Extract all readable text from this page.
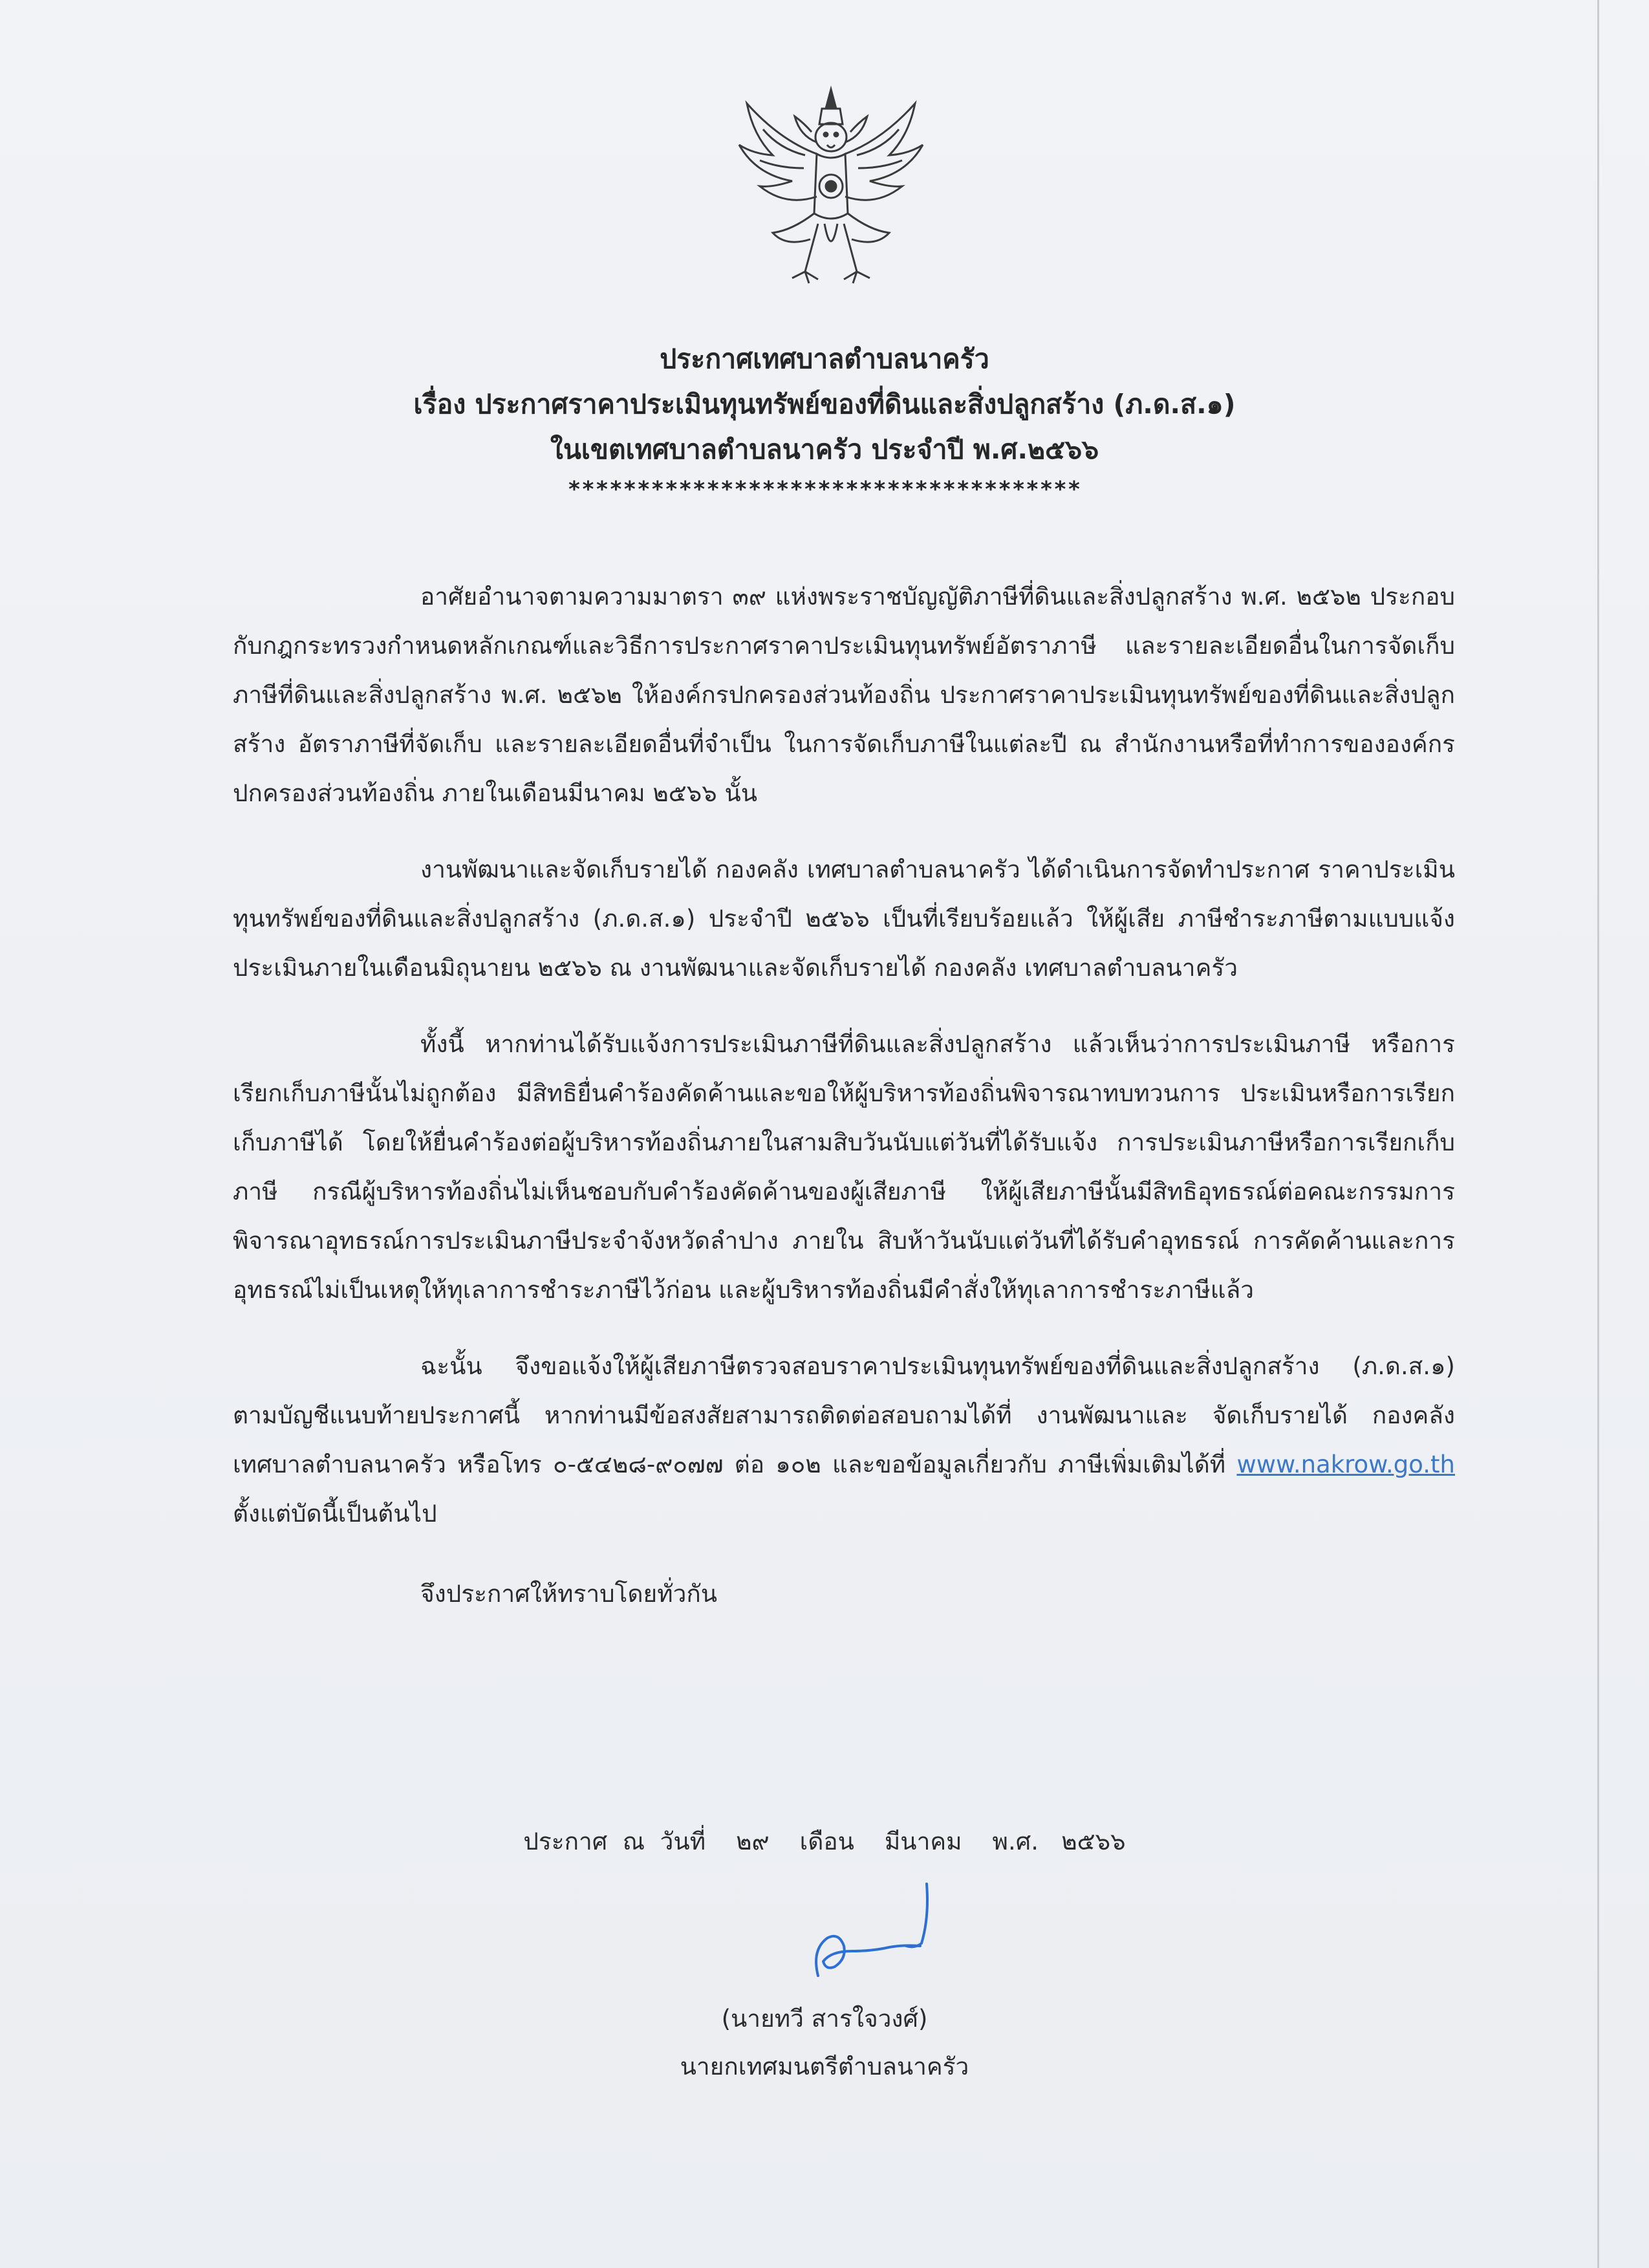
ประกาศเทศบาลตำบลนาครัว
เรื่อง ประกาศราคาประเมินทุนทรัพย์ของที่ดินและสิ่งปลูกสร้าง (ภ.ด.ส.๑)
ในเขตเทศบาลตำบลนาครัว ประจำปี พ.ศ.๒๕๖๖
*************************************

อาศัยอำนาจตามความมาตรา ๓๙ แห่งพระราชบัญญัติภาษีที่ดินและสิ่งปลูกสร้าง พ.ศ. ๒๕๖๒ ประกอบกับกฎกระทรวงกำหนดหลักเกณฑ์และวิธีการประกาศราคาประเมินทุนทรัพย์อัตราภาษี และรายละเอียดอื่นในการจัดเก็บภาษีที่ดินและสิ่งปลูกสร้าง พ.ศ. ๒๕๖๒ ให้องค์กรปกครองส่วนท้องถิ่น ประกาศราคาประเมินทุนทรัพย์ของที่ดินและสิ่งปลูกสร้าง อัตราภาษีที่จัดเก็บ และรายละเอียดอื่นที่จำเป็น ในการจัดเก็บภาษีในแต่ละปี ณ สำนักงานหรือที่ทำการขององค์กรปกครองส่วนท้องถิ่น ภายในเดือนมีนาคม ๒๕๖๖ นั้น

งานพัฒนาและจัดเก็บรายได้ กองคลัง เทศบาลตำบลนาครัว ได้ดำเนินการจัดทำประกาศ ราคาประเมินทุนทรัพย์ของที่ดินและสิ่งปลูกสร้าง (ภ.ด.ส.๑) ประจำปี ๒๕๖๖ เป็นที่เรียบร้อยแล้ว ให้ผู้เสีย ภาษีชำระภาษีตามแบบแจ้งประเมินภายในเดือนมิถุนายน ๒๕๖๖ ณ งานพัฒนาและจัดเก็บรายได้ กองคลัง เทศบาลตำบลนาครัว

ทั้งนี้ หากท่านได้รับแจ้งการประเมินภาษีที่ดินและสิ่งปลูกสร้าง แล้วเห็นว่าการประเมินภาษี หรือการเรียกเก็บภาษีนั้นไม่ถูกต้อง มีสิทธิยื่นคำร้องคัดค้านและขอให้ผู้บริหารท้องถิ่นพิจารณาทบทวนการ ประเมินหรือการเรียกเก็บภาษีได้ โดยให้ยื่นคำร้องต่อผู้บริหารท้องถิ่นภายในสามสิบวันนับแต่วันที่ได้รับแจ้ง การประเมินภาษีหรือการเรียกเก็บภาษี กรณีผู้บริหารท้องถิ่นไม่เห็นชอบกับคำร้องคัดค้านของผู้เสียภาษี ให้ผู้เสียภาษีนั้นมีสิทธิอุทธรณ์ต่อคณะกรรมการพิจารณาอุทธรณ์การประเมินภาษีประจำจังหวัดลำปาง ภายใน สิบห้าวันนับแต่วันที่ได้รับคำอุทธรณ์ การคัดค้านและการอุทธรณ์ไม่เป็นเหตุให้ทุเลาการชำระภาษีไว้ก่อน และผู้บริหารท้องถิ่นมีคำสั่งให้ทุเลาการชำระภาษีแล้ว

ฉะนั้น จึงขอแจ้งให้ผู้เสียภาษีตรวจสอบราคาประเมินทุนทรัพย์ของที่ดินและสิ่งปลูกสร้าง (ภ.ด.ส.๑) ตามบัญชีแนบท้ายประกาศนี้ หากท่านมีข้อสงสัยสามารถติดต่อสอบถามได้ที่ งานพัฒนาและ จัดเก็บรายได้ กองคลัง เทศบาลตำบลนาครัว หรือโทร ๐-๕๔๒๘-๙๐๗๗ ต่อ ๑๐๒ และขอข้อมูลเกี่ยวกับ ภาษีเพิ่มเติมได้ที่ www.nakrow.go.th ตั้งแต่บัดนี้เป็นต้นไป

จึงประกาศให้ทราบโดยทั่วกัน

ประกาศ  ณ  วันที่    ๒๙    เดือน    มีนาคม    พ.ศ.   ๒๕๖๖
(นายทวี สารใจวงศ์)
นายกเทศมนตรีตำบลนาครัว
